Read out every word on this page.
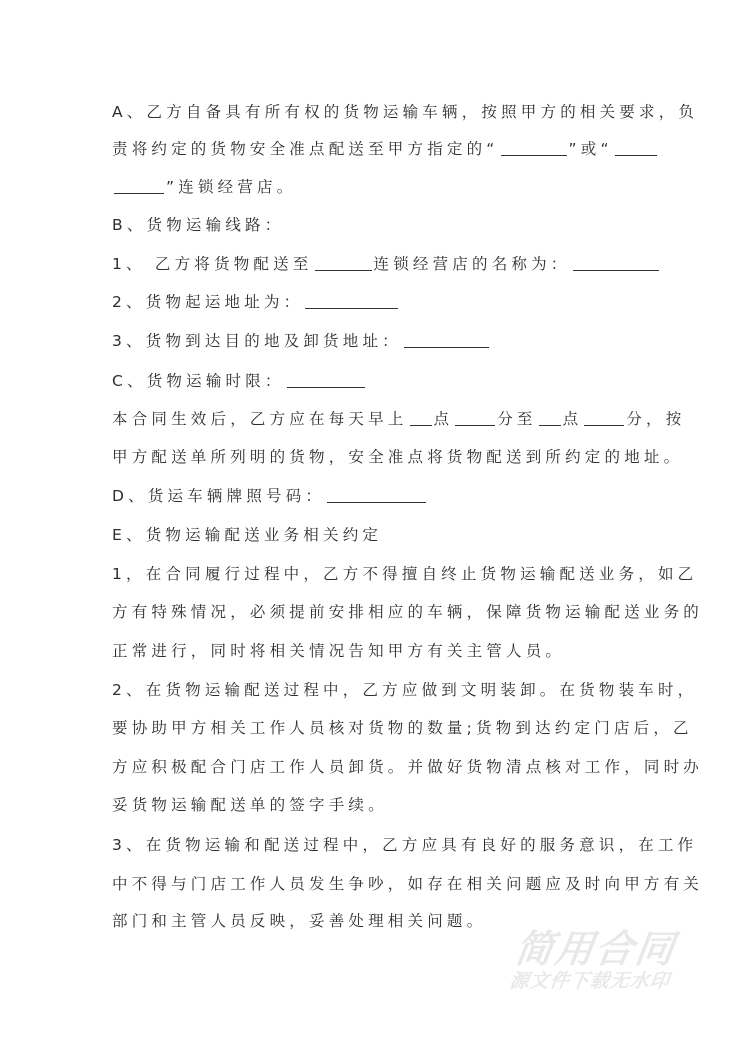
A、乙方自备具有所有权的货物运输车辆，按照甲方的相关要求，负
责将约定的货物安全准点配送至甲方指定的“	”或“
”连锁经营店。
B、货物运输线路：
1、 乙方将货物配送至	连锁经营店的名称为：
2、货物起运地址为：
3、货物到达目的地及卸货地址：
C、货物运输时限：
本合同生效后，乙方应在每天早上 点	分至 点	分，按
甲方配送单所列明的货物，安全准点将货物配送到所约定的地址。
D、货运车辆牌照号码：
E、货物运输配送业务相关约定
1，在合同履行过程中，乙方不得擅自终止货物运输配送业务，如乙
方有特殊情况，必须提前安排相应的车辆，保障货物运输配送业务的
正常进行，同时将相关情况告知甲方有关主管人员。
2、在货物运输配送过程中，乙方应做到文明装卸。在货物装车时，
要协助甲方相关工作人员核对货物的数量;货物到达约定门店后，乙
方应积极配合门店工作人员卸货。并做好货物清点核对工作，同时办
妥货物运输配送单的签字手续。
3、在货物运输和配送过程中，乙方应具有良好的服务意识，在工作
中不得与门店工作人员发生争吵，如存在相关问题应及时向甲方有关
部门和主管人员反映，妥善处理相关问题。
简用合同
源文件下载无水印
